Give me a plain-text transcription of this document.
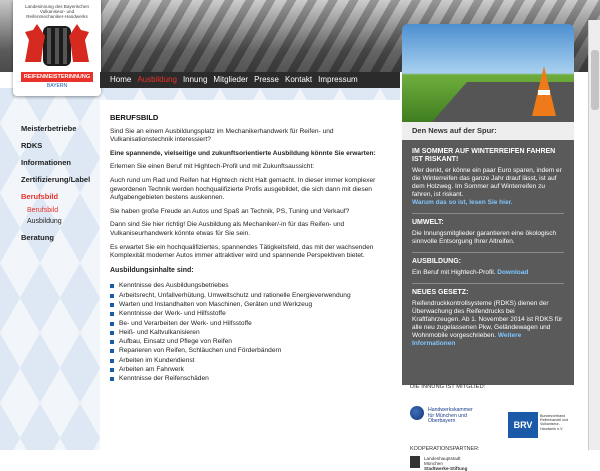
Landesinnung des Bayerischen
Vulkaniseur- und
Reifenmechaniker-Handwerks
REIFENMEISTERINNUNG
BAYERN
Home Ausbildung Innung Mitglieder Presse Kontakt Impressum
Meisterbetriebe
RDKS
Informationen
Zertifizierung/Label
Berufsbild
Berufsbild
Ausbildung
Beratung
BERUFSBILD

Sind Sie an einem Ausbildungsplatz im Mechanikerhandwerk für Reifen- und Vulkanisationstechnik interessiert?

Eine spannende, vielseitige und zukunftsorientierte Ausbildung könnte Sie erwarten:

Erlernen Sie einen Beruf mit Hightech-Profil und mit Zukunftsaussicht:

Auch rund um Rad und Reifen hat Hightech nicht Halt gemacht. In dieser immer komplexer gewordenen Technik werden hochqualifizierte Profis ausgebildet, die sich dann mit diesen Aufgabengebieten bestens auskennen.

Sie haben große Freude an Autos und Spaß an Technik, PS, Tuning und Verkauf?

Dann sind Sie hier richtig! Die Ausbildung als Mechaniker/-in für das Reifen- und Vulkaniseurhandwerk könnte etwas für Sie sein.

Es erwartet Sie ein hochqualifiziertes, spannendes Tätigkeitsfeld, das mit der wachsenden Komplexität moderner Autos immer attraktiver wird und spannende Perspektiven bietet.

Ausbildungsinhalte sind:
Kenntnisse des Ausbildungsbetriebes
Arbeitsrecht, Unfallverhütung, Umweltschutz und rationelle Energieverwendung
Warten und Instandhalten von Maschinen, Geräten und Werkzeug
Kenntnisse der Werk- und Hilfsstoffe
Be- und Verarbeiten der Werk- und Hilfsstoffe
Heiß- und Kaltvulkanisieren
Aufbau, Einsatz und Pflege von Reifen
Reparieren von Reifen, Schläuchen und Förderbändern
Arbeiten im Kundendienst
Arbeiten am Fahrwerk
Kenntnisse der Reifenschäden
Den News auf der Spur:
IM SOMMER AUF WINTERREIFEN FAHREN IST RISKANT!

Wer denkt, er könne ein paar Euro sparen, indem er die Winterreifen das ganze Jahr drauf lässt, ist auf dem Holzweg. Im Sommer auf Winterreifen zu fahren, ist riskant.
Warum das so ist, lesen Sie hier.

UMWELT:

Die Innungsmitglieder garantieren eine ökologisch sinnvolle Entsorgung Ihrer Altreifen.

AUSBILDUNG:

Ein Beruf mit Hightech-Profil. Download

NEUES GESETZ:

Reifendruckkontrollsysteme (RDKS) dienen der Überwachung des Reifendrucks bei Kraftfahrzeugen. Ab 1. November 2014 ist RDKS für alle neu zugelassenen Pkw, Geländewagen und Wohnmobile vorgeschrieben. Weitere Informationen

DIE INNUNG IST MITGLIED:
Handwerkskammer
für München und Oberbayern	BRV
Bundesverband Reifenhandel und Vulkaniseur-Handwerk e.V.
KOOPERATIONSPARTNER:
Landeshauptstadt
München
Stadtwerke-Stiftung
